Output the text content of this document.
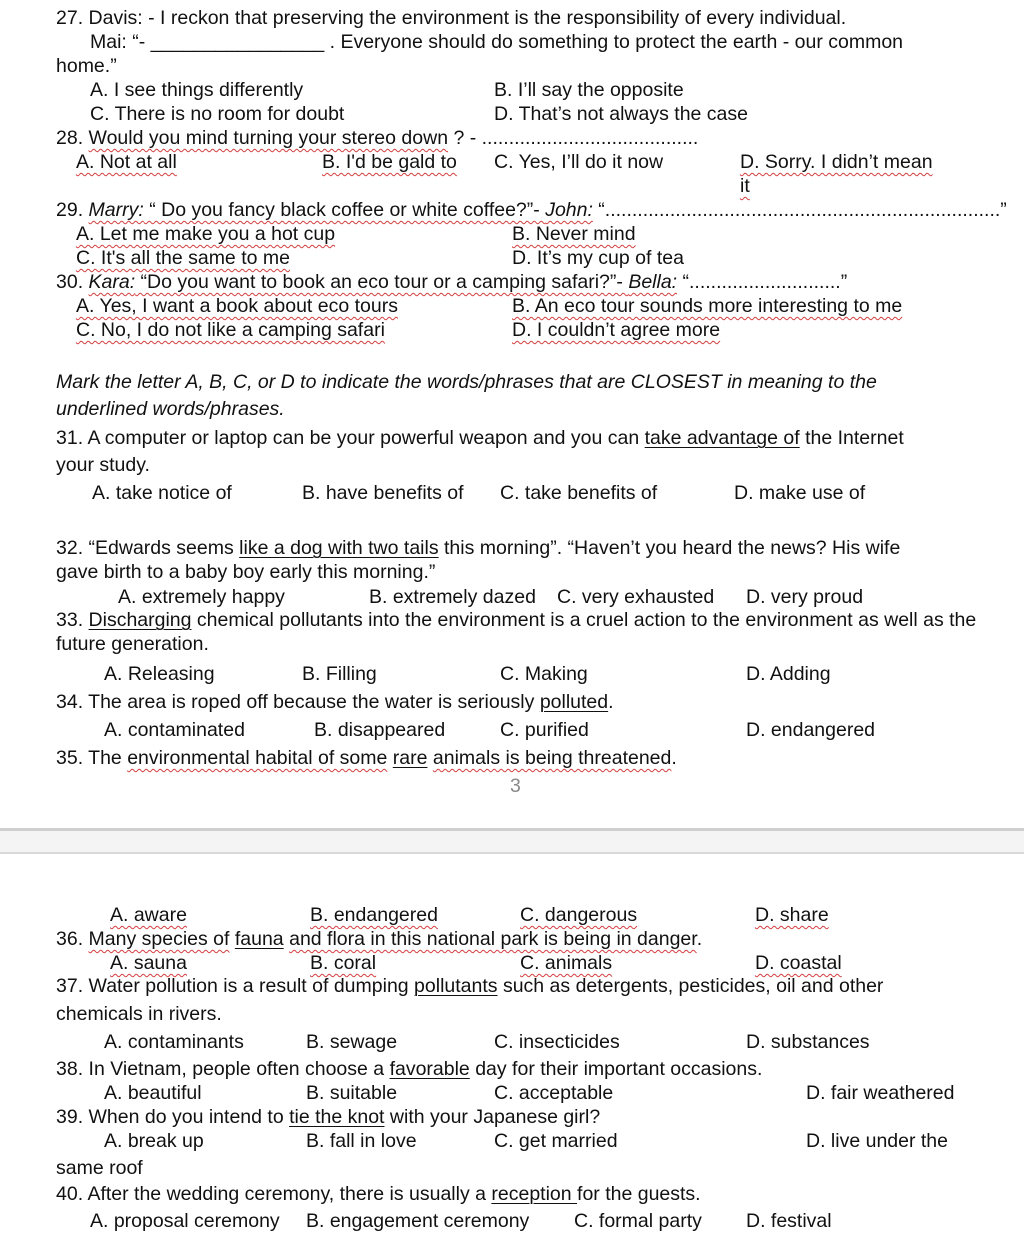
27. Davis: - I reckon that preserving the environment is the responsibility of every individual.
Mai: “- ________________ . Everyone should do something to protect the earth - our common
home.”
A. I see things differently	B. I’ll say the opposite
C. There is no room for doubt	D. That’s not always the case
28. Would you mind turning your stereo down ? - ........................................
A. Not at all	B. I'd be gald to C. Yes, I’ll do it now	D. Sorry. I didn’t mean
it
29. Marry: “ Do you fancy black coffee or white coffee?”- John: “.........................................................................”
A. Let me make you a hot cup	B. Never mind
C. It's all the same to me	D. It’s my cup of tea
30. Kara: “Do you want to book an eco tour or a camping safari?”- Bella: “............................”
A. Yes, I want a book about eco tours	B. An eco tour sounds more interesting to me
C. No, I do not like a camping safari	D. I couldn’t agree more
Mark the letter A, B, C, or D to indicate the words/phrases that are CLOSEST in meaning to the
underlined words/phrases.
31. A computer or laptop can be your powerful weapon and you can take advantage of the Internet
your study.
A. take notice of	B. have benefits of C. take benefits of	D. make use of
32. “Edwards seems like a dog with two tails this morning”. “Haven’t you heard the news? His wife
gave birth to a baby boy early this morning.”
A. extremely happy	B. extremely dazed C. very exhausted D. very proud
33. Discharging chemical pollutants into the environment is a cruel action to the environment as well as the
future generation.
A. Releasing	B. Filling	C. Making	D. Adding
34. The area is roped off because the water is seriously polluted.
A. contaminated	B. disappeared	C. purified	D. endangered
35. The environmental habital of some rare animals is being threatened.
3
A. aware	B. endangered	C. dangerous	D. share
36. Many species of fauna and flora in this national park is being in danger.
A. sauna	B. coral	C. animals	D. coastal
37. Water pollution is a result of dumping pollutants such as detergents, pesticides, oil and other
chemicals in rivers.
A. contaminants	B. sewage	C. insecticides	D. substances
38. In Vietnam, people often choose a favorable day for their important occasions.
A. beautiful	B. suitable	C. acceptable	D. fair weathered
39. When do you intend to tie the knot with your Japanese girl?
A. break up	B. fall in love	C. get married	D. live under the
same roof
40. After the wedding ceremony, there is usually a reception for the guests.
A. proposal ceremony B. engagement ceremony C. formal party D. festival
